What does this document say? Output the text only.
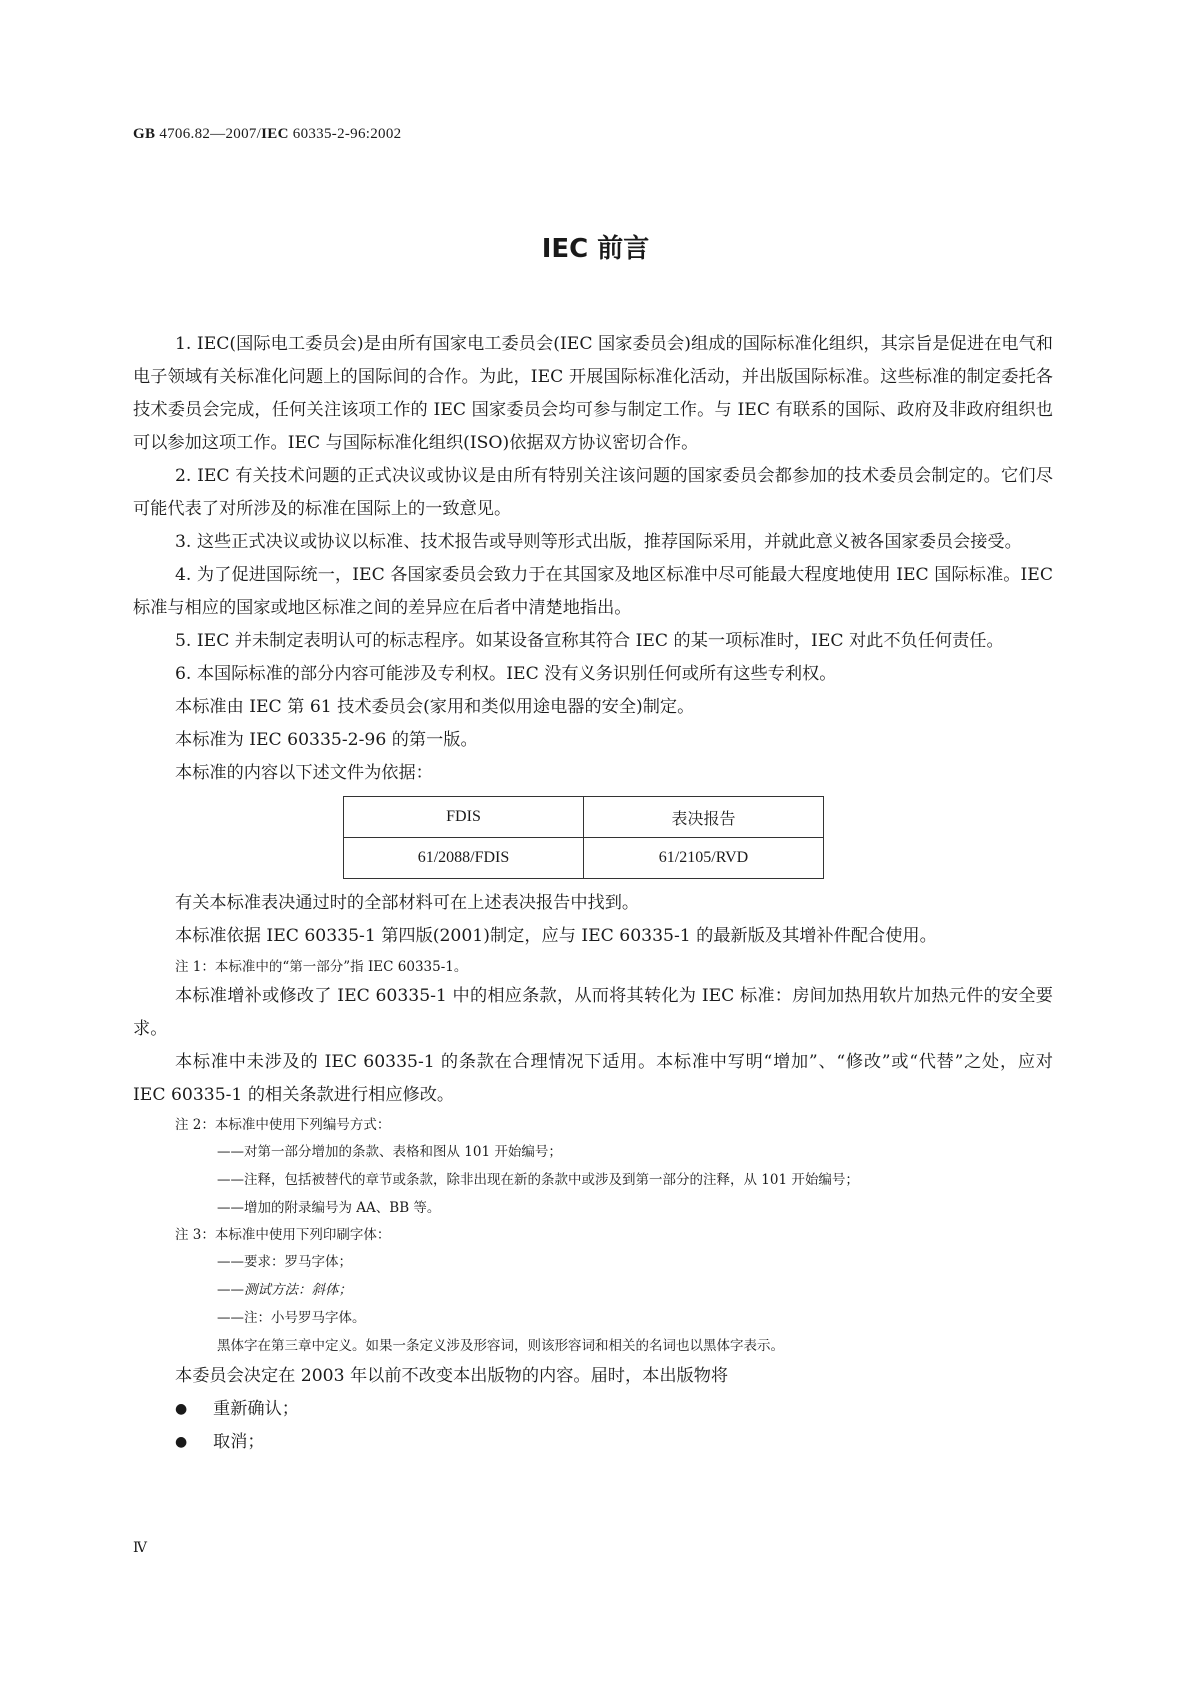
GB 4706.82—2007/IEC 60335-2-96:2002
IEC 前言

1. IEC(国际电工委员会)是由所有国家电工委员会(IEC 国家委员会)组成的国际标准化组织，其宗旨是促进在电气和电子领域有关标准化问题上的国际间的合作。为此，IEC 开展国际标准化活动，并出版国际标准。这些标准的制定委托各技术委员会完成，任何关注该项工作的 IEC 国家委员会均可参与制定工作。与 IEC 有联系的国际、政府及非政府组织也可以参加这项工作。IEC 与国际标准化组织(ISO)依据双方协议密切合作。

2. IEC 有关技术问题的正式决议或协议是由所有特别关注该问题的国家委员会都参加的技术委员会制定的。它们尽可能代表了对所涉及的标准在国际上的一致意见。

3. 这些正式决议或协议以标准、技术报告或导则等形式出版，推荐国际采用，并就此意义被各国家委员会接受。

4. 为了促进国际统一，IEC 各国家委员会致力于在其国家及地区标准中尽可能最大程度地使用 IEC 国际标准。IEC 标准与相应的国家或地区标准之间的差异应在后者中清楚地指出。

5. IEC 并未制定表明认可的标志程序。如某设备宣称其符合 IEC 的某一项标准时，IEC 对此不负任何责任。

6. 本国际标准的部分内容可能涉及专利权。IEC 没有义务识别任何或所有这些专利权。

本标准由 IEC 第 61 技术委员会(家用和类似用途电器的安全)制定。

本标准为 IEC 60335-2-96 的第一版。

本标准的内容以下述文件为依据：

FDIS	表决报告
61/2088/FDIS	61/2105/RVD

有关本标准表决通过时的全部材料可在上述表决报告中找到。

本标准依据 IEC 60335-1 第四版(2001)制定，应与 IEC 60335-1 的最新版及其增补件配合使用。

注 1：本标准中的“第一部分”指 IEC 60335-1。

本标准增补或修改了 IEC 60335-1 中的相应条款，从而将其转化为 IEC 标准：房间加热用软片加热元件的安全要求。

本标准中未涉及的 IEC 60335-1 的条款在合理情况下适用。本标准中写明“增加”、“修改”或“代替”之处，应对 IEC 60335-1 的相关条款进行相应修改。

注 2：本标准中使用下列编号方式：

——对第一部分增加的条款、表格和图从 101 开始编号；

——注释，包括被替代的章节或条款，除非出现在新的条款中或涉及到第一部分的注释，从 101 开始编号；

——增加的附录编号为 AA、BB 等。

注 3：本标准中使用下列印刷字体：

——要求：罗马字体；

——测试方法：斜体；

——注：小号罗马字体。

黑体字在第三章中定义。如果一条定义涉及形容词，则该形容词和相关的名词也以黑体字表示。

本委员会决定在 2003 年以前不改变本出版物的内容。届时，本出版物将

●	重新确认；

●	取消；

Ⅳ
